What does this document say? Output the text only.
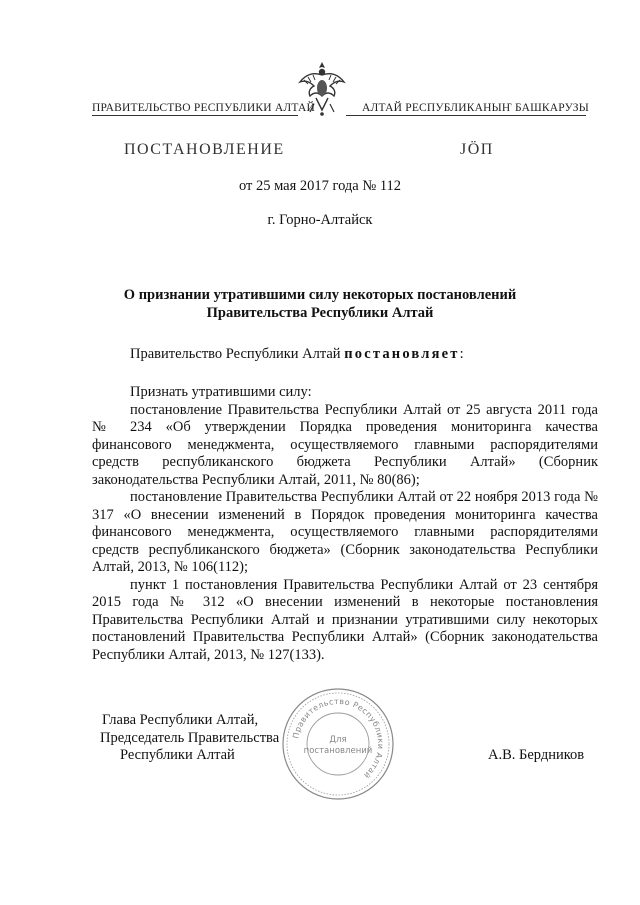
ПРАВИТЕЛЬСТВО РЕСПУБЛИКИ АЛТАЙ	АЛТАЙ РЕСПУБЛИКАНЫҤ БАШКАРУЗЫ
ПОСТАНОВЛЕНИЕ	JÖП
от 25 мая 2017 года № 112
г. Горно-Алтайск
О признании утратившими силу некоторых постановлений
Правительства Республики Алтай
Правительство Республики Алтай постановляет:

Признать утратившими силу:

постановление Правительства Республики Алтай от 25 августа 2011 года № 234 «Об утверждении Порядка проведения мониторинга качества финансового менеджмента, осуществляемого главными распорядителями средств республиканского бюджета Республики Алтай» (Сборник законодательства Республики Алтай, 2011, № 80(86);

постановление Правительства Республики Алтай от 22 ноября 2013 года № 317 «О внесении изменений в Порядок проведения мониторинга качества финансового менеджмента, осуществляемого главными распорядителями средств республиканского бюджета» (Сборник законодательства Республики Алтай, 2013, № 106(112);

пункт 1 постановления Правительства Республики Алтай от 23 сентября 2015 года № 312 «О внесении изменений в некоторые постановления Правительства Республики Алтай и признании утратившими силу некоторых постановлений Правительства Республики Алтай» (Сборник законодательства Республики Алтай, 2013, № 127(133).

Глава Республики Алтай,
Председатель Правительства
Республики Алтай	А.В. Бердников
Правительство Республики Алтай
Для
постановлений
